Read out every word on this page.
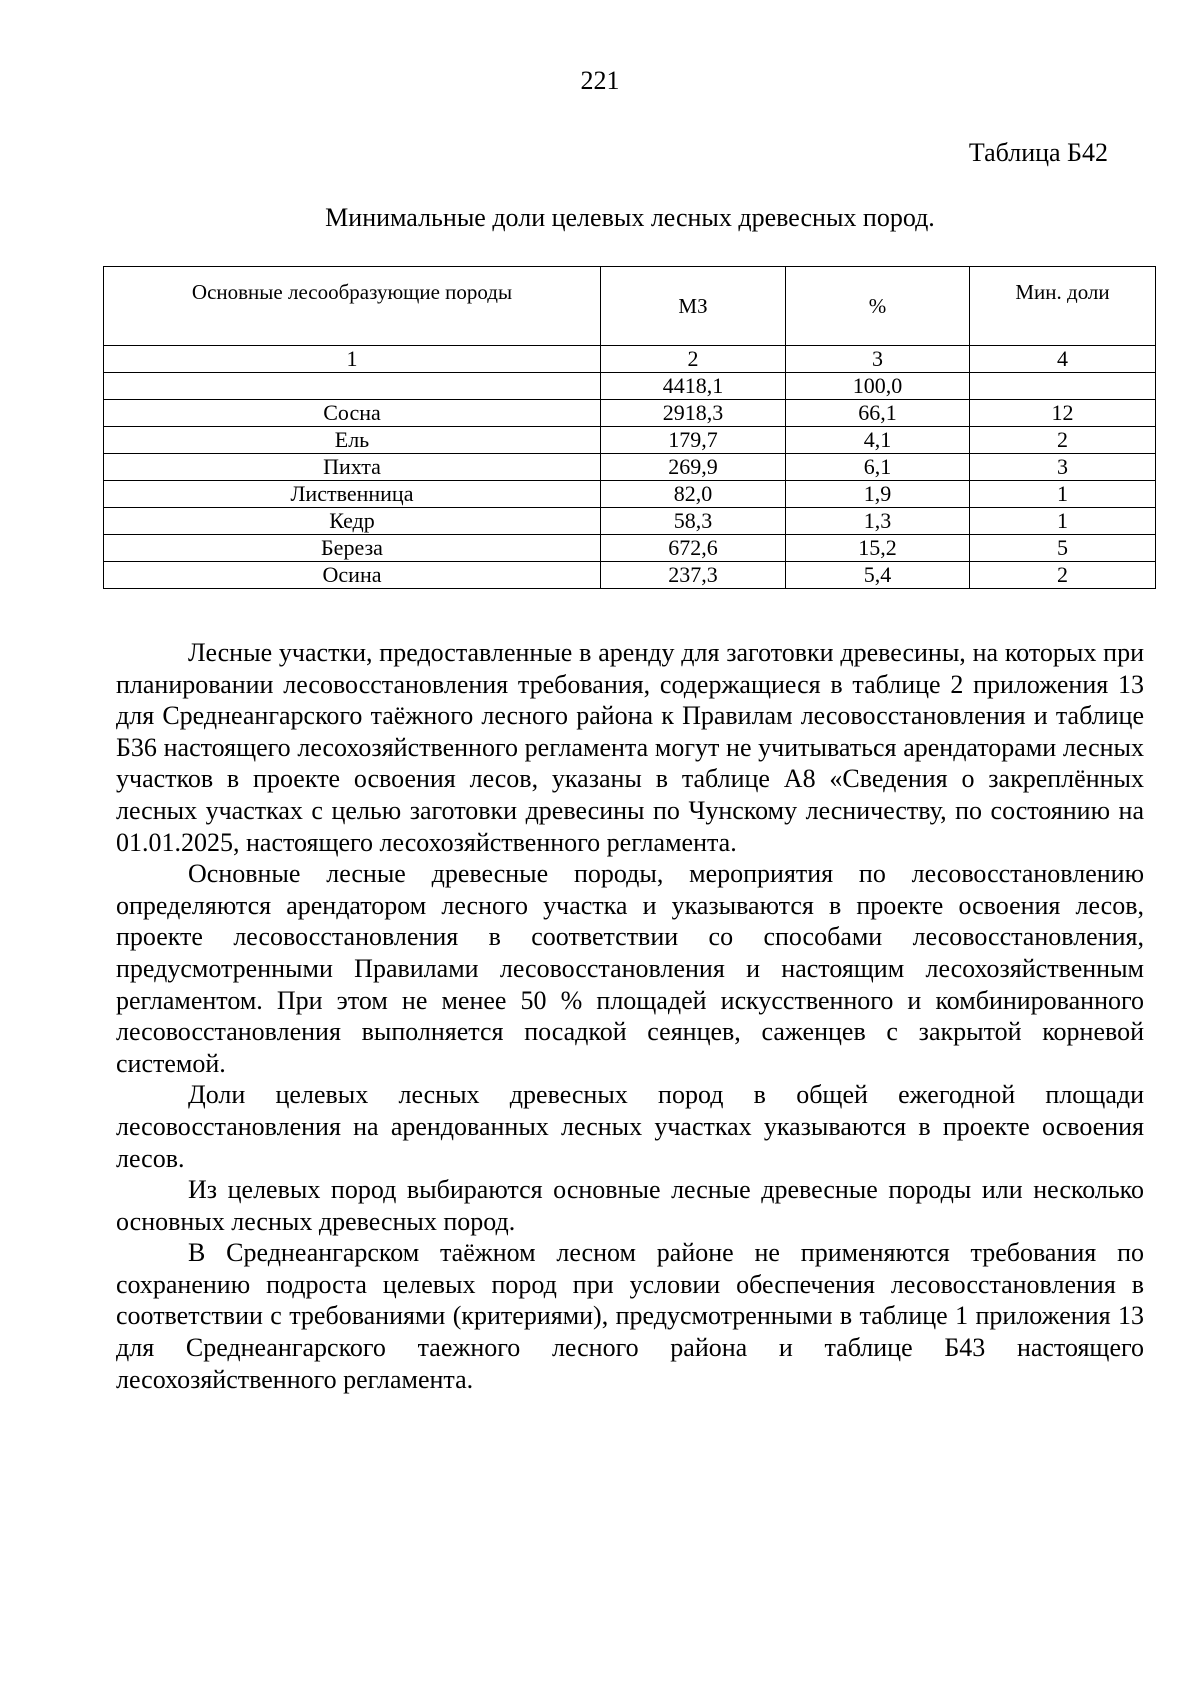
221
Таблица Б42
Минимальные доли целевых лесных древесных пород.
Основные лесообразующие породы	МЗ	%	Мин. доли
1	2	3	4
	4418,1	100,0	
Сосна	2918,3	66,1	12
Ель	179,7	4,1	2
Пихта	269,9	6,1	3
Лиственница	82,0	1,9	1
Кедр	58,3	1,3	1
Береза	672,6	15,2	5
Осина	237,3	5,4	2

Лесные участки, предоставленные в аренду для заготовки древесины, на которых при планировании лесовосстановления требования, содержащиеся в таблице 2 приложения 13 для Среднеангарского таёжного лесного района к Правилам лесовосстановления и таблице Б36 настоящего лесохозяйственного регламента могут не учитываться арендаторами лесных участков в проекте освоения лесов, указаны в таблице А8 «Сведения о закреплённых лесных участках с целью заготовки древесины по Чунскому лесничеству, по состоянию на 01.01.2025, настоящего лесохозяйственного регламента.

Основные лесные древесные породы, мероприятия по лесовосстановлению определяются арендатором лесного участка и указываются в проекте освоения лесов, проекте лесовосстановления в соответствии со способами лесовосстановления, предусмотренными Правилами лесовосстановления и настоящим лесохозяйственным регламентом. При этом не менее 50 % площадей искусственного и комбинированного лесовосстановления выполняется посадкой сеянцев, саженцев с закрытой корневой системой.

Доли целевых лесных древесных пород в общей ежегодной площади лесовосстановления на арендованных лесных участках указываются в проекте освоения лесов.

Из целевых пород выбираются основные лесные древесные породы или несколько основных лесных древесных пород.

В Среднеангарском таёжном лесном районе не применяются требования по сохранению подроста целевых пород при условии обеспечения лесовосстановления в соответствии с требованиями (критериями), предусмотренными в таблице 1 приложения 13 для Среднеангарского таежного лесного района и таблице Б43 настоящего лесохозяйственного регламента.
